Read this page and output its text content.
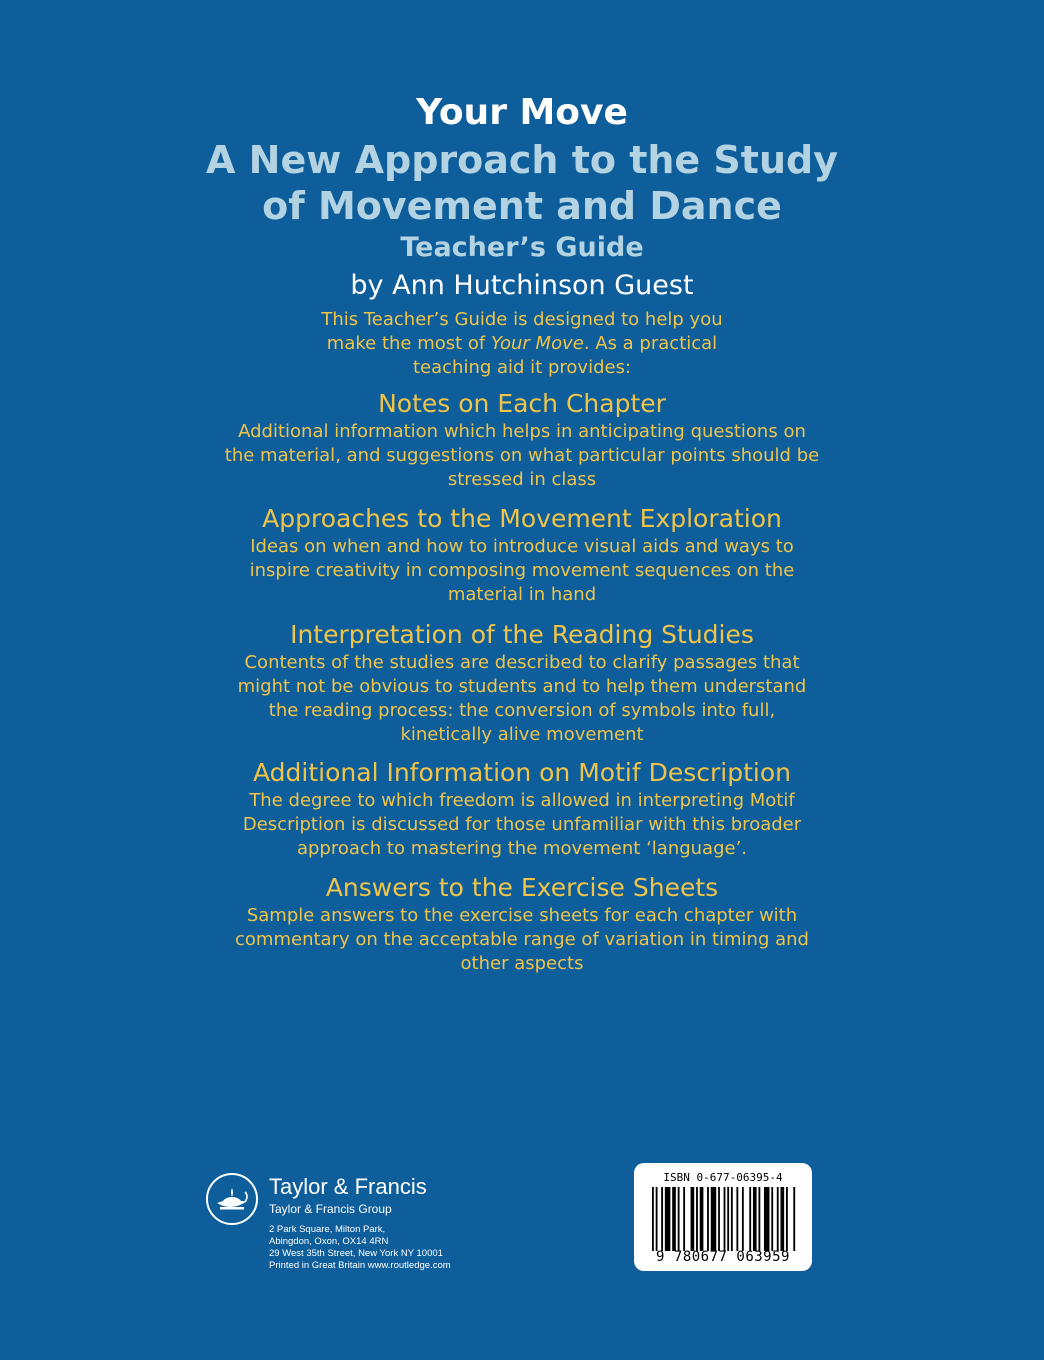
Your Move
A New Approach to the Study
of Movement and Dance
Teacher’s Guide
by Ann Hutchinson Guest
This Teacher’s Guide is designed to help you
make the most of Your Move. As a practical
teaching aid it provides:
Notes on Each Chapter
Additional information which helps in anticipating questions on
the material, and suggestions on what particular points should be
stressed in class
Approaches to the Movement Exploration
Ideas on when and how to introduce visual aids and ways to
inspire creativity in composing movement sequences on the
material in hand
Interpretation of the Reading Studies
Contents of the studies are described to clarify passages that
might not be obvious to students and to help them understand
the reading process: the conversion of symbols into full,
kinetically alive movement
Additional Information on Motif Description
The degree to which freedom is allowed in interpreting Motif
Description is discussed for those unfamiliar with this broader
approach to mastering the movement ‘language’.
Answers to the Exercise Sheets
Sample answers to the exercise sheets for each chapter with
commentary on the acceptable range of variation in timing and
other aspects
Taylor & Francis
Taylor & Francis Group
2 Park Square, Milton Park,
Abingdon, Oxon, OX14 4RN
29 West 35th Street, New York NY 10001
Printed in Great Britain www.routledge.com
ISBN 0-677-06395-4
9 780677 063959
